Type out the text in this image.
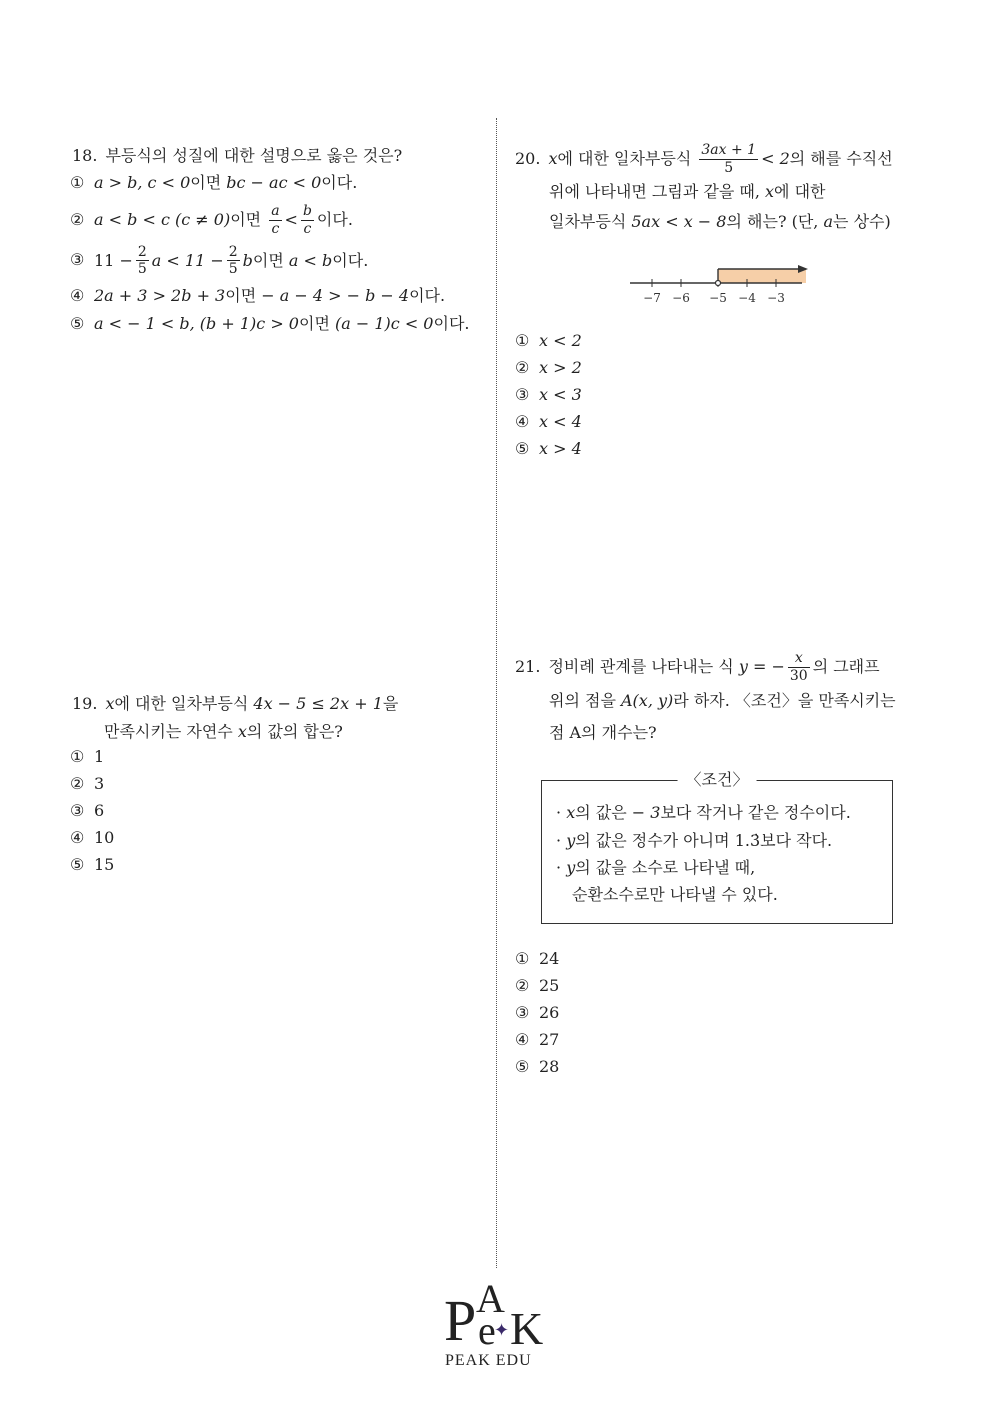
18. 부등식의 성질에 대한 설명으로 옳은 것은?
① a > b, c < 0이면 bc − ac < 0이다.
② a < b < c (c ≠ 0)이면 $\frac{a}{c} < \frac{b}{c}$ 이다.
③ $11 - \frac{2}{5}$ $a < 11 - \frac{2}{5}$ b이면 a < b이다.
④ 2a + 3 > 2b + 3이면 − a − 4 > − b − 4이다.
⑤ a < − 1 < b, (b + 1)c > 0이면 (a − 1)c < 0이다.
19. x에 대한 일차부등식 4x − 5 ≤ 2x + 1을
만족시키는 자연수 x의 값의 합은?
① 1
② 3
③ 6
④ 10
⑤ 15
20. x에 대한 일차부등식 $\frac{3ax + 1}{5} < 2$의 해를 수직선
위에 나타내면 그림과 같을 때, x에 대한
일차부등식 5ax < x − 8의 해는? (단, a는 상수)
−7 −6 −5 −4 −3
① x < 2
② x > 2
③ x < 3
④ x < 4
⑤ x > 4
21. 정비례 관계를 나타내는 식 y = − $\frac{x}{30}$ 의 그래프
위의 점을 A(x, y)라 하자. 〈조건〉을 만족시키는
점 A의 개수는?
〈조건〉
· x의 값은 − 3보다 작거나 같은 정수이다.
· y의 값은 정수가 아니며 1.3̇보다 작다.
· y의 값을 소수로 나타낼 때,
순환소수로만 나타낼 수 있다.
① 24
② 25
③ 26
④ 27
⑤ 28
P e
A
K
✦
PEAK EDU
